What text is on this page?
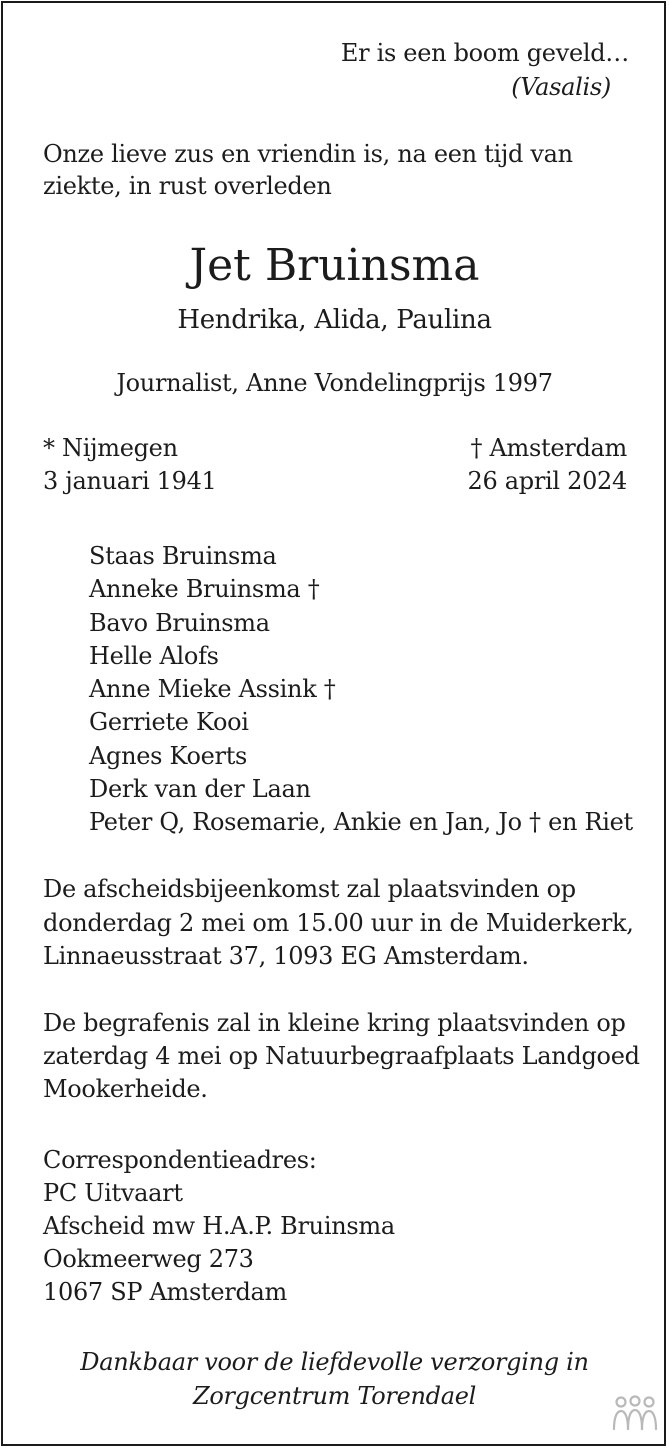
Er is een boom geveld…
(Vasalis)
Onze lieve zus en vriendin is, na een tijd van
ziekte, in rust overleden
Jet Bruinsma
Hendrika, Alida, Paulina
Journalist, Anne Vondelingprijs 1997
* Nijmegen
3 januari 1941
† Amsterdam
26 april 2024
Staas Bruinsma
Anneke Bruinsma †
Bavo Bruinsma
Helle Alofs
Anne Mieke Assink †
Gerriete Kooi
Agnes Koerts
Derk van der Laan
Peter Q, Rosemarie, Ankie en Jan, Jo † en Riet
De afscheidsbijeenkomst zal plaatsvinden op
donderdag 2 mei om 15.00 uur in de Muiderkerk,
Linnaeusstraat 37, 1093 EG Amsterdam.
De begrafenis zal in kleine kring plaatsvinden op
zaterdag 4 mei op Natuurbegraafplaats Landgoed
Mookerheide.
Correspondentieadres:
PC Uitvaart
Afscheid mw H.A.P. Bruinsma
Ookmeerweg 273
1067 SP Amsterdam
Dankbaar voor de liefdevolle verzorging in
Zorgcentrum Torendael
